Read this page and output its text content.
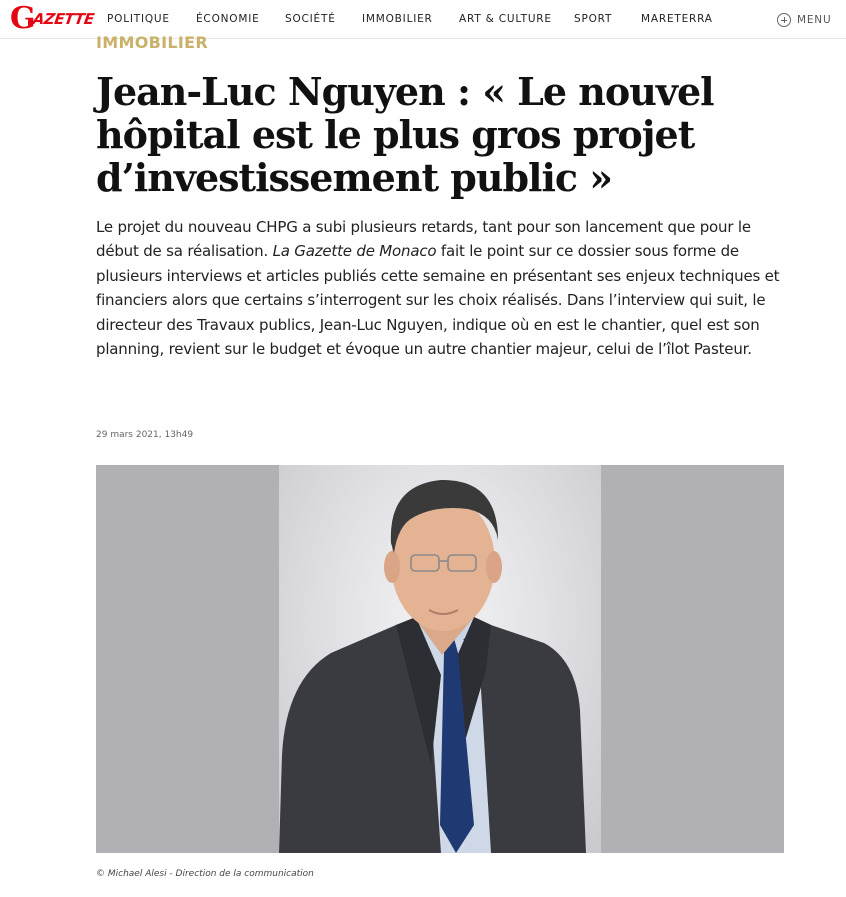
G
AZETTE POLITIQUE	ÉCONOMIE	SOCIÉTÉ	IMMOBILIER	ART & CULTURE	SPORT	MARETERRA	MENU
IMMOBILIER
Jean-Luc Nguyen : « Le nouvel hôpital est le plus gros projet d’investissement public »

Le projet du nouveau CHPG a subi plusieurs retards, tant pour son lancement que pour le début de sa réalisation. La Gazette de Monaco fait le point sur ce dossier sous forme de plusieurs interviews et articles publiés cette semaine en présentant ses enjeux techniques et financiers alors que certains s’interrogent sur les choix réalisés. Dans l’interview qui suit, le directeur des Travaux publics, Jean-Luc Nguyen, indique où en est le chantier, quel est son planning, revient sur le budget et évoque un autre chantier majeur, celui de l’îlot Pasteur.

29 mars 2021, 13h49
© Michael Alesi - Direction de la communication
